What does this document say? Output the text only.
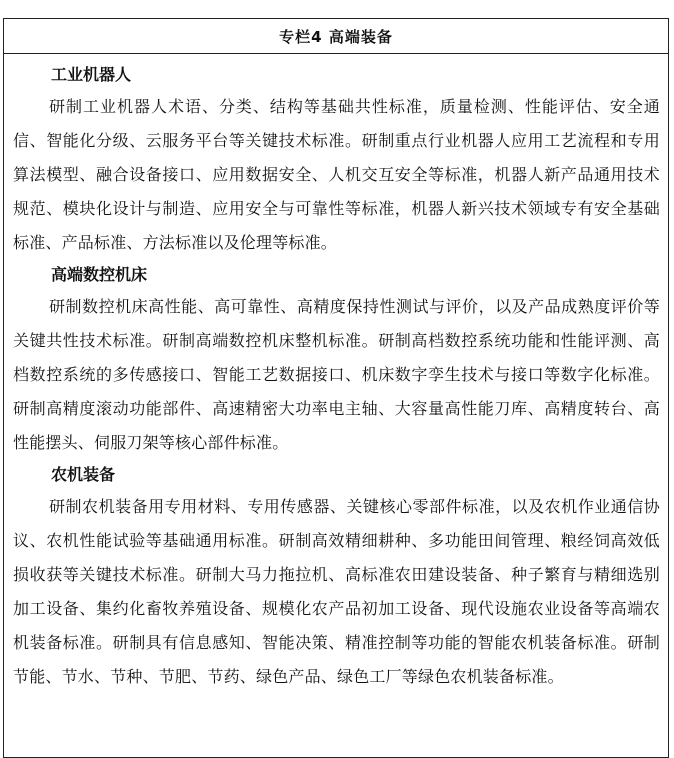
专栏4 高端装备
工业机器人

研制工业机器人术语、分类、结构等基础共性标准，质量检测、性能评估、安全通信、智能化分级、云服务平台等关键技术标准。研制重点行业机器人应用工艺流程和专用算法模型、融合设备接口、应用数据安全、人机交互安全等标准，机器人新产品通用技术规范、模块化设计与制造、应用安全与可靠性等标准，机器人新兴技术领域专有安全基础标准、产品标准、方法标准以及伦理等标准。

高端数控机床

研制数控机床高性能、高可靠性、高精度保持性测试与评价，以及产品成熟度评价等关键共性技术标准。研制高端数控机床整机标准。研制高档数控系统功能和性能评测、高档数控系统的多传感接口、智能工艺数据接口、机床数字孪生技术与接口等数字化标准。研制高精度滚动功能部件、高速精密大功率电主轴、大容量高性能刀库、高精度转台、高性能摆头、伺服刀架等核心部件标准。

农机装备

研制农机装备用专用材料、专用传感器、关键核心零部件标准，以及农机作业通信协议、农机性能试验等基础通用标准。研制高效精细耕种、多功能田间管理、粮经饲高效低损收获等关键技术标准。研制大马力拖拉机、高标准农田建设装备、种子繁育与精细选别加工设备、集约化畜牧养殖设备、规模化农产品初加工设备、现代设施农业设备等高端农机装备标准。研制具有信息感知、智能决策、精准控制等功能的智能农机装备标准。研制节能、节水、节种、节肥、节药、绿色产品、绿色工厂等绿色农机装备标准。
